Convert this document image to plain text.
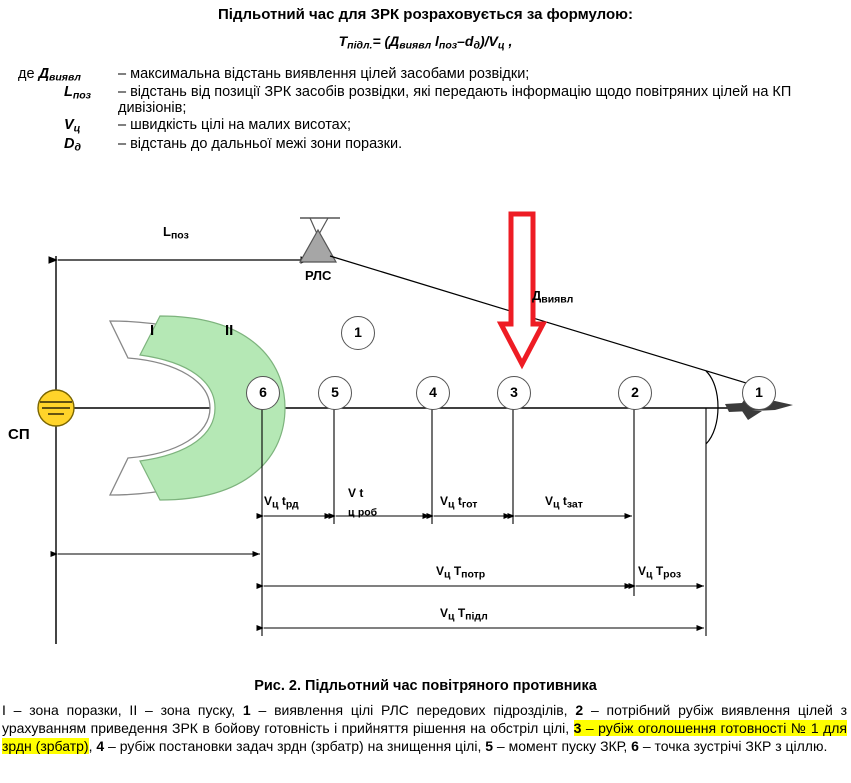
Підльотний час для ЗРК розраховується за формулою:
$T_{підл.}= (Д_{виявл}$ $l_{поз}-d_д)/V_ц$ ,
де $Д_{виявл}$	– максимальна відстань виявлення цілей засобами розвідки;
$L_{поз}$	– відстань від позиції ЗРК засобів розвідки, які передають інформацію щодо повітряних цілей на КП дивізіонів;
$V_ц$	– швидкість цілі на малих висотах;
$D_д$	– відстань до дальньої межі зони поразки.
$L_{поз}$
РЛС
$Д_{виявл}$
СП
I	II
6	5	4	3	2	1
1
Vц tрд
V t
ц роб
Vц tгот	Vц tзат
Vц Tпотр	Vц Tроз
Vц Tпідл
Рис. 2. Підльотний час повітряного противника
I – зона поразки, II – зона пуску, 1 – виявлення цілі РЛС передових підрозділів, 2 – потрібний рубіж виявлення цілей з урахуванням приведення ЗРК в бойову готовність і прийняття рішення на обстріл цілі, 3 – рубіж оголошення готовності № 1 для зрдн (зрбатр), 4 – рубіж постановки задач зрдн (зрбатр) на знищення цілі, 5 – момент пуску ЗКР, 6 – точка зустрічі ЗКР з ціллю.
